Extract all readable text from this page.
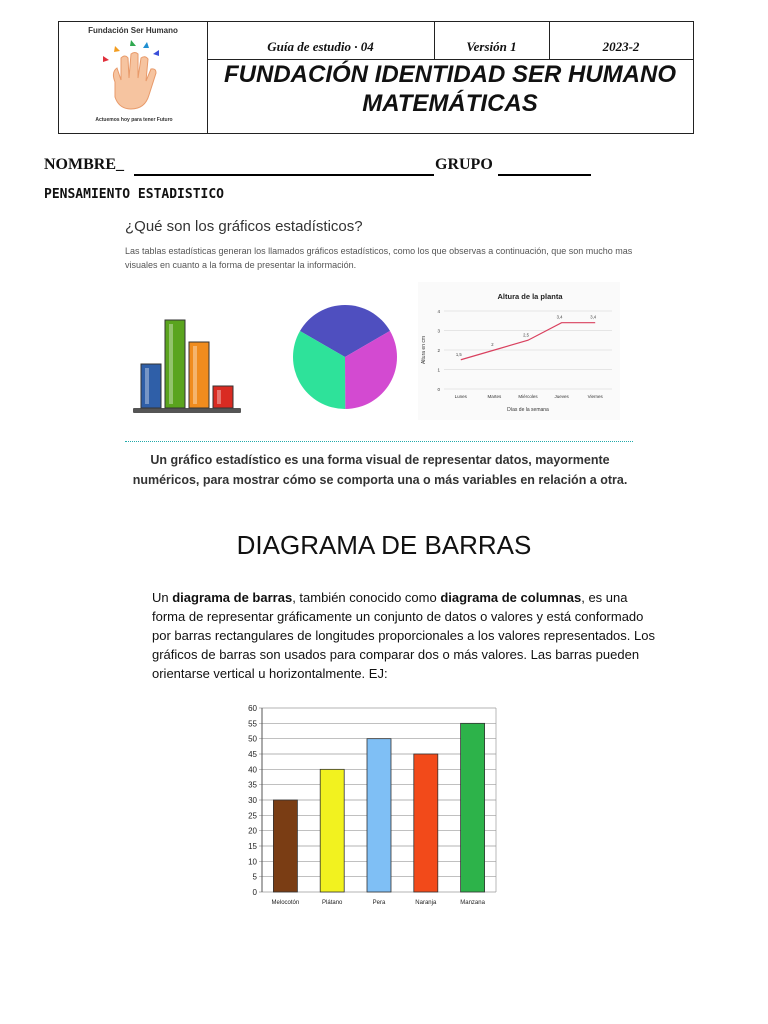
Fundación Ser Humano
Actuemos hoy para tener Futuro
Guía de estudio · 04	Versión 1	2023-2
FUNDACIÓN IDENTIDAD SER HUMANO
MATEMÁTICAS
NOMBRE_	GRUPO
PENSAMIENTO ESTADISTICO
¿Qué son los gráficos estadísticos?
Las tablas estadísticas generan los llamados gráficos estadísticos, como los que observas a continuación, que son mucho mas visuales en cuanto a la forma de presentar la información.
Altura de la planta
0
1
2
3
4
Lunes	Martes	Miércoles	Jueves	Viernes
1,5
2
2,5
3,4	3,4
Días de la semana
Altura en cm
Un gráfico estadístico es una forma visual de representar datos, mayormente numéricos, para mostrar cómo se comporta una o más variables en relación a otra.
DIAGRAMA DE BARRAS
Un diagrama de barras, también conocido como diagrama de columnas, es una forma de representar gráficamente un conjunto de datos o valores y está conformado por barras rectangulares de longitudes proporcionales a los valores representados. Los gráficos de barras son usados para comparar dos o más valores. Las barras pueden orientarse vertical u horizontalmente. EJ:
0
5
10
15
20
25
30
35
40
45
50
55
60
Melocotón	Plátano	Pera	Naranja	Manzana
